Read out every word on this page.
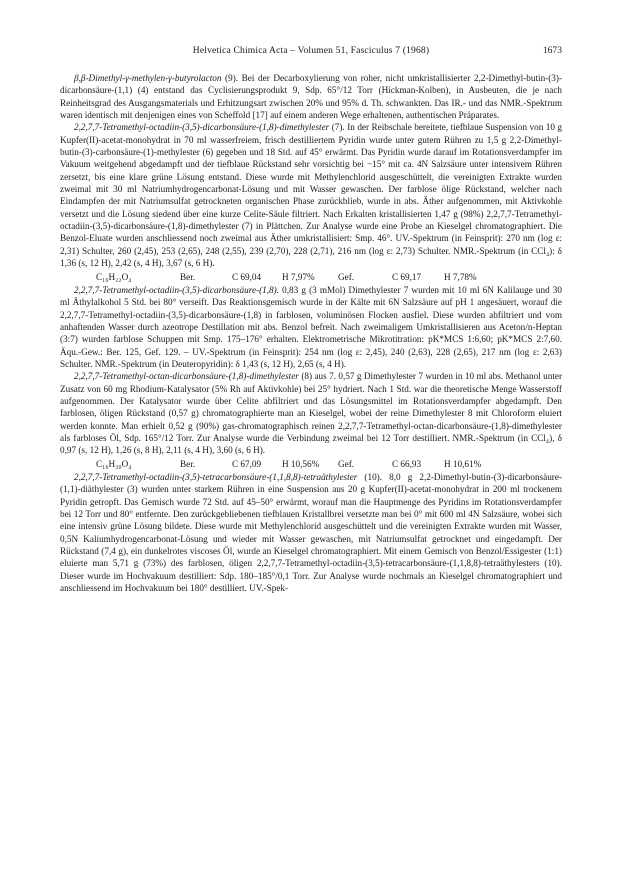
Helvetica Chimica Acta – Volumen 51, Fasciculus 7 (1968)	1673

β,β-Dimethyl-γ-methylen-γ-butyrolacton (9). Bei der Decarboxylierung von roher, nicht umkristallisierter 2,2-Dimethyl-butin-(3)-dicarbonsäure-(1,1) (4) entstand das Cyclisierungsprodukt 9, Sdp. 65°/12 Torr (Hickman-Kolben), in Ausbeuten, die je nach Reinheitsgrad des Ausgangsmaterials und Erhitzungsart zwischen 20% und 95% d. Th. schwankten. Das IR.- und das NMR.-Spektrum waren identisch mit denjenigen eines von Scheffold [17] auf einem anderen Wege erhaltenen, authentischen Präparates.

2,2,7,7-Tetramethyl-octadiin-(3,5)-dicarbonsäure-(1,8)-dimethylester (7). In der Reibschale bereitete, tiefblaue Suspension von 10 g Kupfer(II)-acetat-monohydrat in 70 ml wasserfreiem, frisch destilliertem Pyridin wurde unter gutem Rühren zu 1,5 g 2,2-Dimethyl-butin-(3)-carbonsäure-(1)-methylester (6) gegeben und 18 Std. auf 45° erwärmt. Das Pyridin wurde darauf im Rotationsverdampfer im Vakuum weitgehend abgedampft und der tiefblaue Rückstand sehr vorsichtig bei −15° mit ca. 4N Salzsäure unter intensivem Rühren zersetzt, bis eine klare grüne Lösung entstand. Diese wurde mit Methylenchlorid ausgeschüttelt, die vereinigten Extrakte wurden zweimal mit 30 ml Natriumhydrogencarbonat-Lösung und mit Wasser gewaschen. Der farblose ölige Rückstand, welcher nach Eindampfen der mit Natriumsulfat getrockneten organischen Phase zurückblieb, wurde in abs. Äther aufgenommen, mit Aktivkohle versetzt und die Lösung siedend über eine kurze Celite-Säule filtriert. Nach Erkalten kristallisierten 1,47 g (98%) 2,2,7,7-Tetramethyl-octadiin-(3,5)-dicarbonsäure-(1,8)-dimethylester (7) in Plättchen. Zur Analyse wurde eine Probe an Kieselgel chromatographiert. Die Benzol-Eluate wurden anschliessend noch zweimal aus Äther umkristallisiert: Smp. 46°. UV.-Spektrum (in Feinsprit): 270 nm (log ε: 2,31) Schulter, 260 (2,45), 253 (2,65), 248 (2,55), 239 (2,70), 228 (2,71), 216 nm (log ε: 2,73) Schulter. NMR.-Spektrum (in CCl₄): δ 1,36 (s, 12 H), 2,42 (s, 4 H), 3,67 (s, 6 H).

C₁₆H₂₂O₄	Ber.	C 69,04 H 7,97%	Gef.	C 69,17 H 7,78%

2,2,7,7-Tetramethyl-octadiin-(3,5)-dicarbonsäure-(1,8). 0,83 g (3 mMol) Dimethylester 7 wurden mit 10 ml 6N Kalilauge und 30 ml Äthylalkohol 5 Std. bei 80° verseift. Das Reaktionsgemisch wurde in der Kälte mit 6N Salzsäure auf pH 1 angesäuert, worauf die 2,2,7,7-Tetramethyl-octadiin-(3,5)-dicarbonsäure-(1,8) in farblosen, voluminösen Flocken ausfiel. Diese wurden abfiltriert und vom anhaftenden Wasser durch azeotrope Destillation mit abs. Benzol befreit. Nach zweimaligem Umkristallisieren aus Aceton/n-Heptan (3:7) wurden farblose Schuppen mit Smp. 175–176° erhalten. Elektrometrische Mikrotitration: pK*MCS 1:6,60; pK*MCS 2:7,60. Äqu.-Gew.: Ber. 125, Gef. 129. – UV.-Spektrum (in Feinsprit): 254 nm (log ε: 2,45), 240 (2,63), 228 (2,65), 217 nm (log ε: 2,63) Schulter. NMR.-Spektrum (in Deuteropyridin): δ 1,43 (s, 12 H), 2,65 (s, 4 H).

2,2,7,7-Tetramethyl-octan-dicarbonsäure-(1,8)-dimethylester (8) aus 7. 0,57 g Dimethylester 7 wurden in 10 ml abs. Methanol unter Zusatz von 60 mg Rhodium-Katalysator (5% Rh auf Aktivkohle) bei 25° hydriert. Nach 1 Std. war die theoretische Menge Wasserstoff aufgenommen. Der Katalysator wurde über Celite abfiltriert und das Lösungsmittel im Rotationsverdampfer abgedampft. Den farblosen, öligen Rückstand (0,57 g) chromatographierte man an Kieselgel, wobei der reine Dimethylester 8 mit Chloroform eluiert werden konnte. Man erhielt 0,52 g (90%) gas-chromatographisch reinen 2,2,7,7-Tetramethyl-octan-dicarbonsäure-(1,8)-dimethylester als farbloses Öl, Sdp. 165°/12 Torr. Zur Analyse wurde die Verbindung zweimal bei 12 Torr destilliert. NMR.-Spektrum (in CCl₄), δ 0,97 (s, 12 H), 1,26 (s, 8 H), 2,11 (s, 4 H), 3,60 (s, 6 H).

C₁₆H₃₀O₄	Ber.	C 67,09 H 10,56% Gef.	C 66,93 H 10,61%

2,2,7,7-Tetramethyl-octadiin-(3,5)-tetracarbonsäure-(1,1,8,8)-tetraäthylester (10). 8,0 g 2,2-Dimethyl-butin-(3)-dicarbonsäure-(1,1)-diäthylester (3) wurden unter starkem Rühren in eine Suspension aus 20 g Kupfer(II)-acetat-monohydrat in 200 ml trockenem Pyridin getropft. Das Gemisch wurde 72 Std. auf 45–50° erwärmt, worauf man die Hauptmenge des Pyridins im Rotationsverdampfer bei 12 Torr und 80° entfernte. Den zurückgebliebenen tiefblauen Kristallbrei versetzte man bei 0° mit 600 ml 4N Salzsäure, wobei sich eine intensiv grüne Lösung bildete. Diese wurde mit Methylenchlorid ausgeschüttelt und die vereinigten Extrakte wurden mit Wasser, 0,5N Kaliumhydrogencarbonat-Lösung und wieder mit Wasser gewaschen, mit Natriumsulfat getrocknet und eingedampft. Der Rückstand (7,4 g), ein dunkelrotes viscoses Öl, wurde an Kieselgel chromatographiert. Mit einem Gemisch von Benzol/Essigester (1:1) eluierte man 5,71 g (73%) des farblosen, öligen 2,2,7,7-Tetramethyl-octadiin-(3,5)-tetracarbonsäure-(1,1,8,8)-tetraäthylesters (10). Dieser wurde im Hochvakuum destilliert: Sdp. 180–185°/0,1 Torr. Zur Analyse wurde nochmals an Kieselgel chromatographiert und anschliessend im Hochvakuum bei 180° destilliert. UV.-Spek-
